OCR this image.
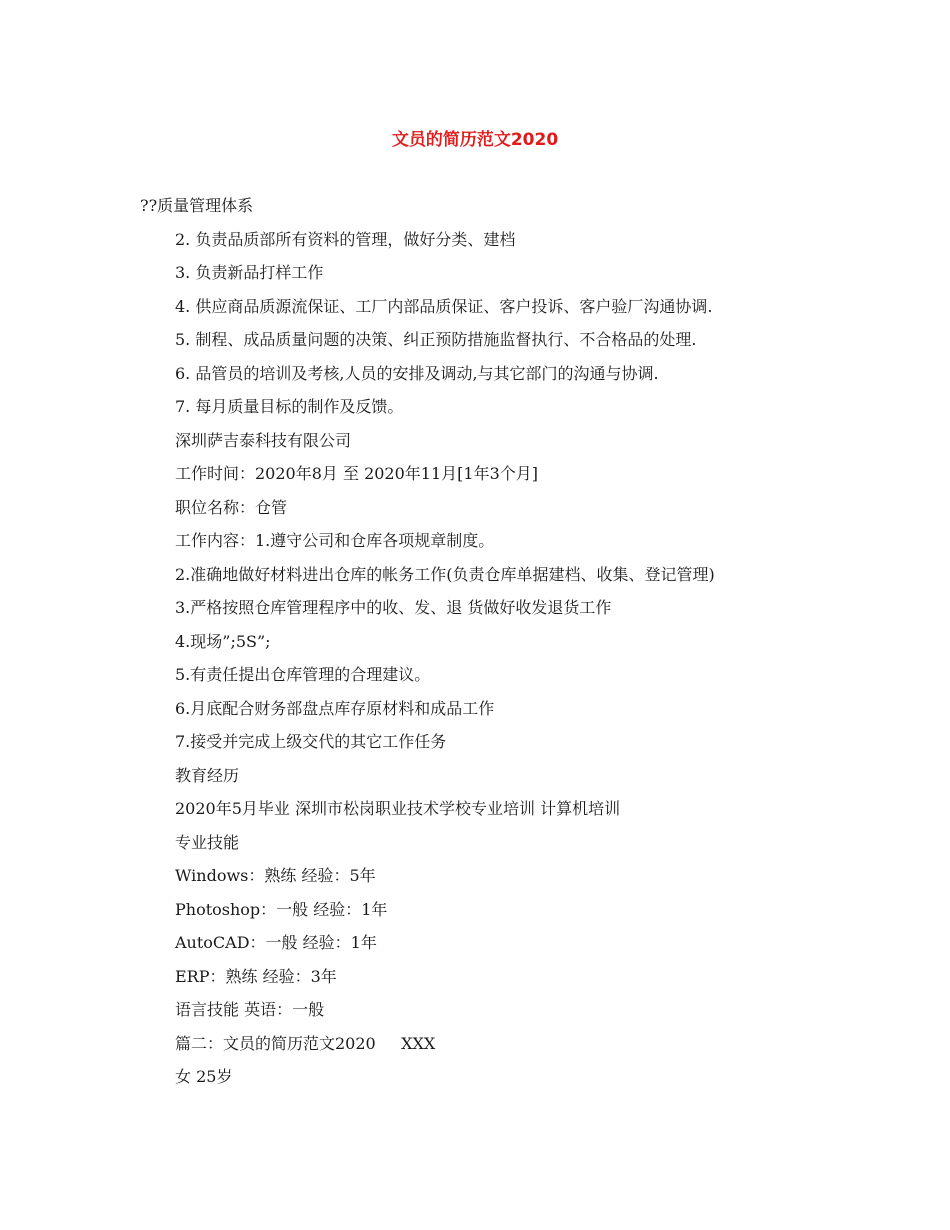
文员的简历范文2020
??质量管理体系
2. 负责品质部所有资料的管理，做好分类、建档
3. 负责新品打样工作
4. 供应商品质源流保证、工厂内部品质保证、客户投诉、客户验厂沟通协调.
5. 制程、成品质量问题的决策、纠正预防措施监督执行、不合格品的处理.
6. 品管员的培训及考核,人员的安排及调动,与其它部门的沟通与协调.
7. 每月质量目标的制作及反馈。
深圳萨吉泰科技有限公司
工作时间：2020年8月 至 2020年11月[1年3个月]
职位名称：仓管
工作内容：1.遵守公司和仓库各项规章制度。
2.准确地做好材料进出仓库的帐务工作(负责仓库单据建档、收集、登记管理)
3.严格按照仓库管理程序中的收、发、退 货做好收发退货工作
4.现场”;5S”;
5.有责任提出仓库管理的合理建议。
6.月底配合财务部盘点库存原材料和成品工作
7.接受并完成上级交代的其它工作任务
教育经历
2020年5月毕业 深圳市松岗职业技术学校专业培训 计算机培训
专业技能
Windows：熟练 经验：5年
Photoshop：一般 经验：1年
AutoCAD：一般 经验：1年
ERP：熟练 经验：3年
语言技能 英语：一般
篇二：文员的简历范文2020     XXX
女 25岁
